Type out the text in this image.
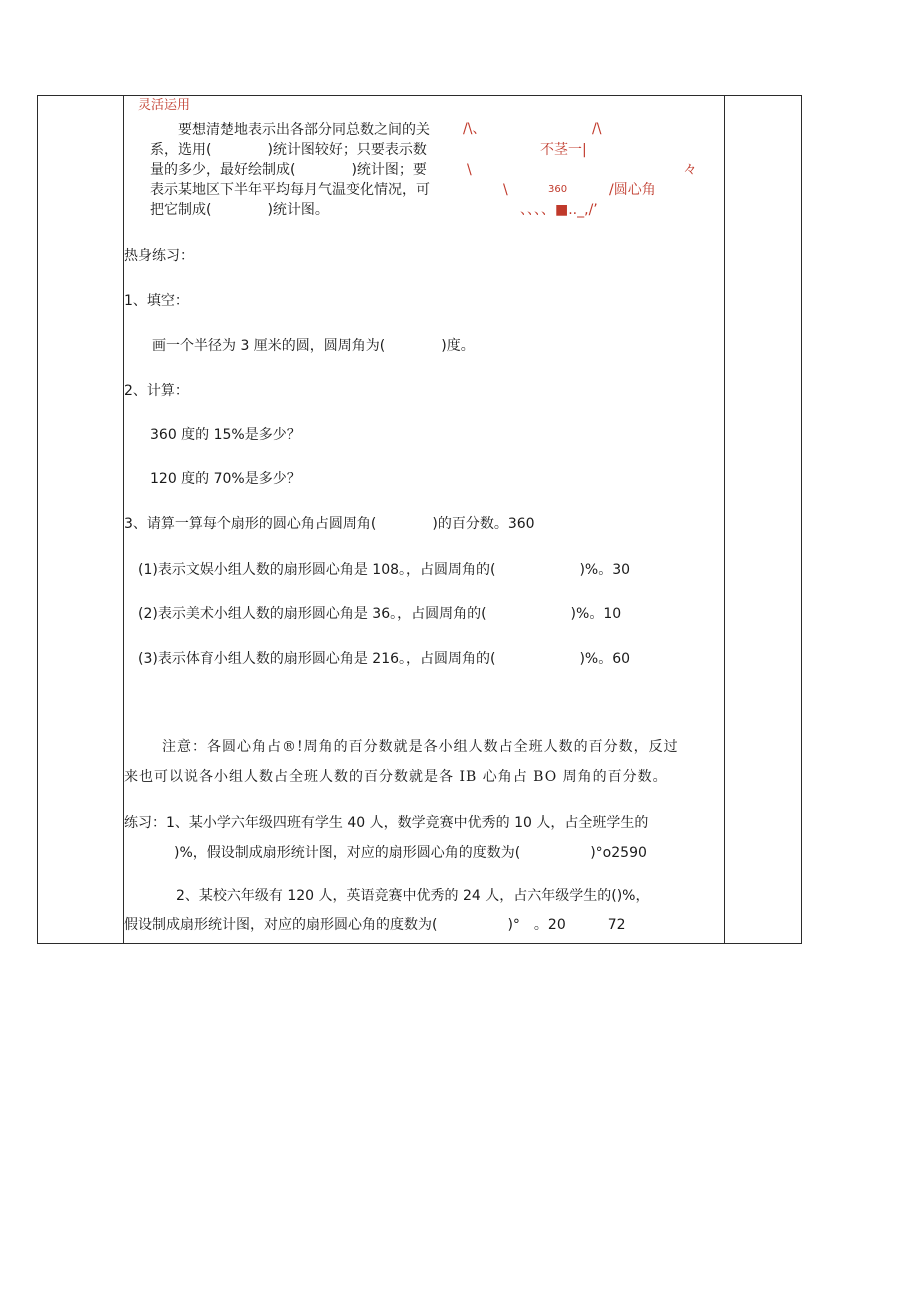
灵活运用
要想清楚地表示出各部分同总数之间的关
系，选用(　　　　)统计图较好；只要表示数
量的多少，最好绘制成(　　　　)统计图；要
表示某地区下半年平均每月气温变化情况，可
把它制成(　　　　)统计图。
/\、	/\
不茎一|
\	々
\	360	/圆心角
、、、、■.._,/’
热身练习：
1、填空：
画一个半径为 3 厘米的圆，圆周角为(　　　　)度。
2、计算：
360 度的 15%是多少？
120 度的 70%是多少？
3、请算一算每个扇形的圆心角占圆周角(　　　　)的百分数。360
(1)表示文娱小组人数的扇形圆心角是 108。，占圆周角的(　　　　　　)%。30
(2)表示美术小组人数的扇形圆心角是 36。，占圆周角的(　　　　　　)%。10
(3)表示体育小组人数的扇形圆心角是 216。，占圆周角的(　　　　　　)%。60
注意：各圆心角占®!周角的百分数就是各小组人数占全班人数的百分数，反过
来也可以说各小组人数占全班人数的百分数就是各 IB 心角占 BO 周角的百分数。
练习：1、某小学六年级四班有学生 40 人，数学竞赛中优秀的 10 人，占全班学生的
)%，假设制成扇形统计图，对应的扇形圆心角的度数为(　　　　　)°o2590
2、某校六年级有 120 人，英语竞赛中优秀的 24 人，占六年级学生的()%，
假设制成扇形统计图，对应的扇形圆心角的度数为(　　　　　)°　。20　　　72
